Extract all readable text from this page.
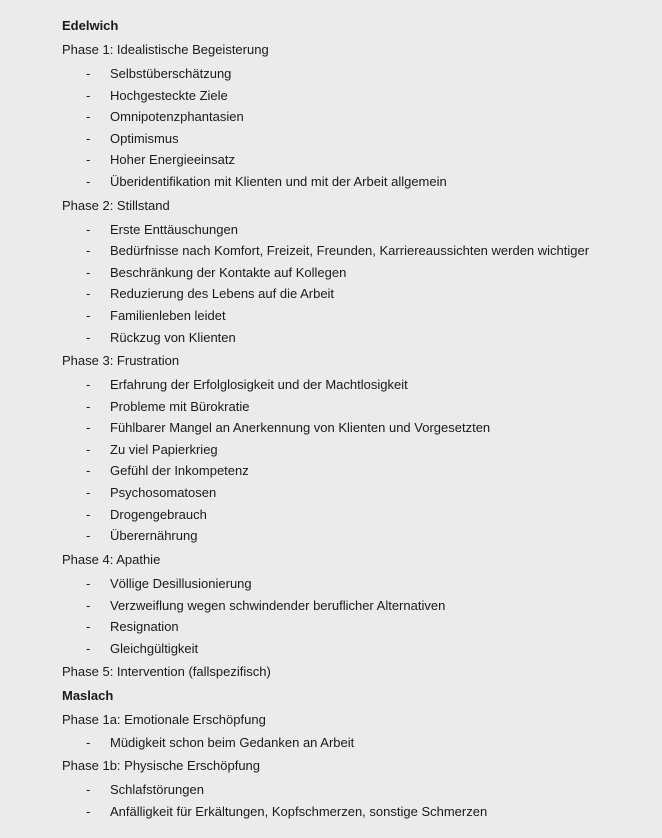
Edelwich
Phase 1: Idealistische Begeisterung
- Selbstüberschätzung
- Hochgesteckte Ziele
- Omnipotenzphantasien
- Optimismus
- Hoher Energieeinsatz
- Überidentifikation mit Klienten und mit der Arbeit allgemein
Phase 2: Stillstand
- Erste Enttäuschungen
- Bedürfnisse nach Komfort, Freizeit, Freunden, Karriereaussichten werden wichtiger
- Beschränkung der Kontakte auf Kollegen
- Reduzierung des Lebens auf die Arbeit
- Familienleben leidet
- Rückzug von Klienten
Phase 3: Frustration
- Erfahrung der Erfolglosigkeit und der Machtlosigkeit
- Probleme mit Bürokratie
- Fühlbarer Mangel an Anerkennung von Klienten und Vorgesetzten
- Zu viel Papierkrieg
- Gefühl der Inkompetenz
- Psychosomatosen
- Drogengebrauch
- Überernährung
Phase 4: Apathie
- Völlige Desillusionierung
- Verzweiflung wegen schwindender beruflicher Alternativen
- Resignation
- Gleichgültigkeit
Phase 5: Intervention (fallspezifisch)
Maslach
Phase 1a: Emotionale Erschöpfung
- Müdigkeit schon beim Gedanken an Arbeit
Phase 1b: Physische Erschöpfung
- Schlafstörungen
- Anfälligkeit für Erkältungen, Kopfschmerzen, sonstige Schmerzen
